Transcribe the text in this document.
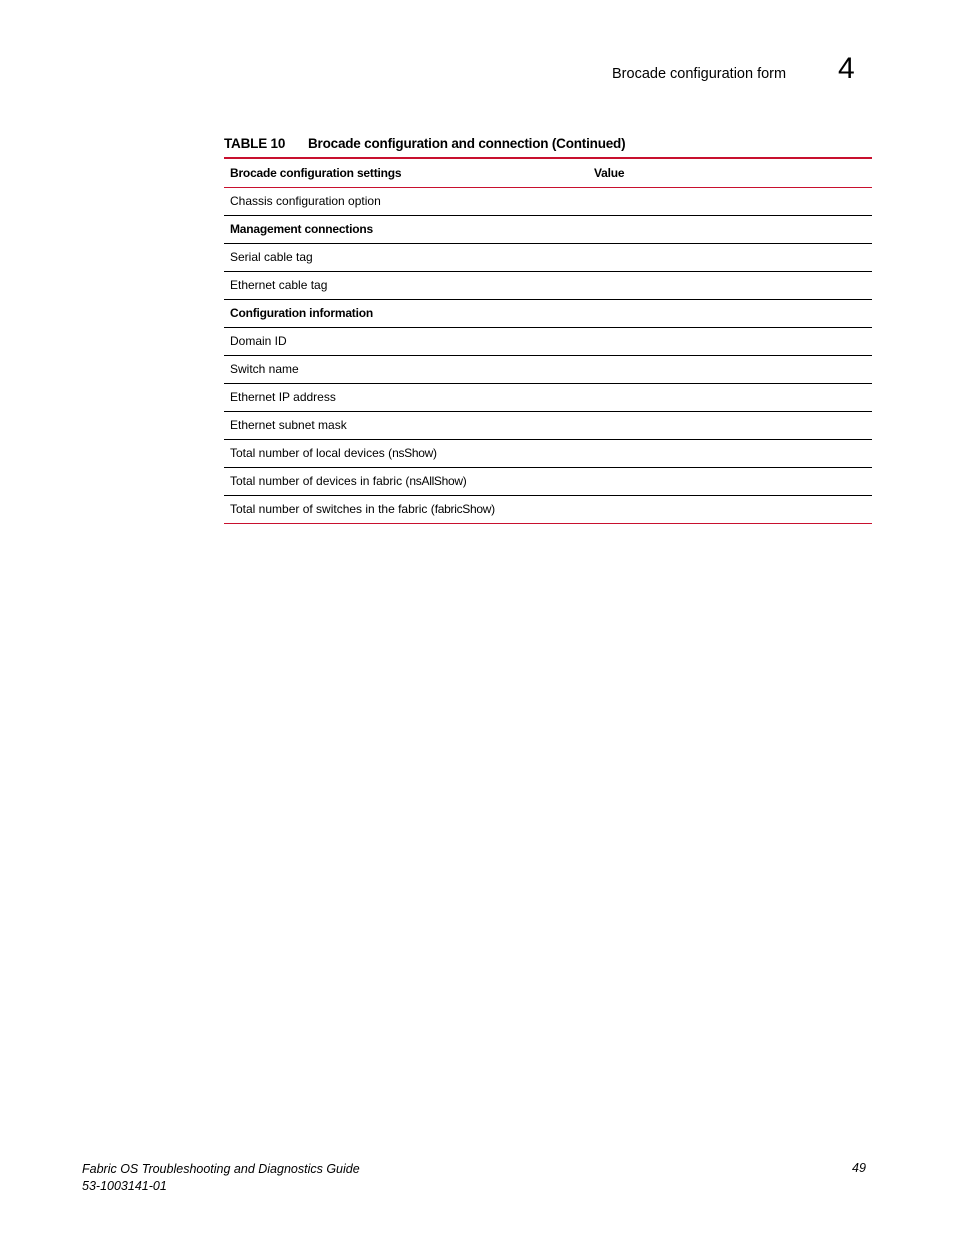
Brocade configuration form 4
TABLE 10 Brocade configuration and connection (Continued)
Brocade configuration settings	Value
Chassis configuration option	
Management connections	
Serial cable tag	
Ethernet cable tag	
Configuration information	
Domain ID	
Switch name	
Ethernet IP address	
Ethernet subnet mask	
Total number of local devices (nsShow)	
Total number of devices in fabric (nsAllShow)	
Total number of switches in the fabric (fabricShow)	
Fabric OS Troubleshooting and Diagnostics Guide
53-1003141-01
49
